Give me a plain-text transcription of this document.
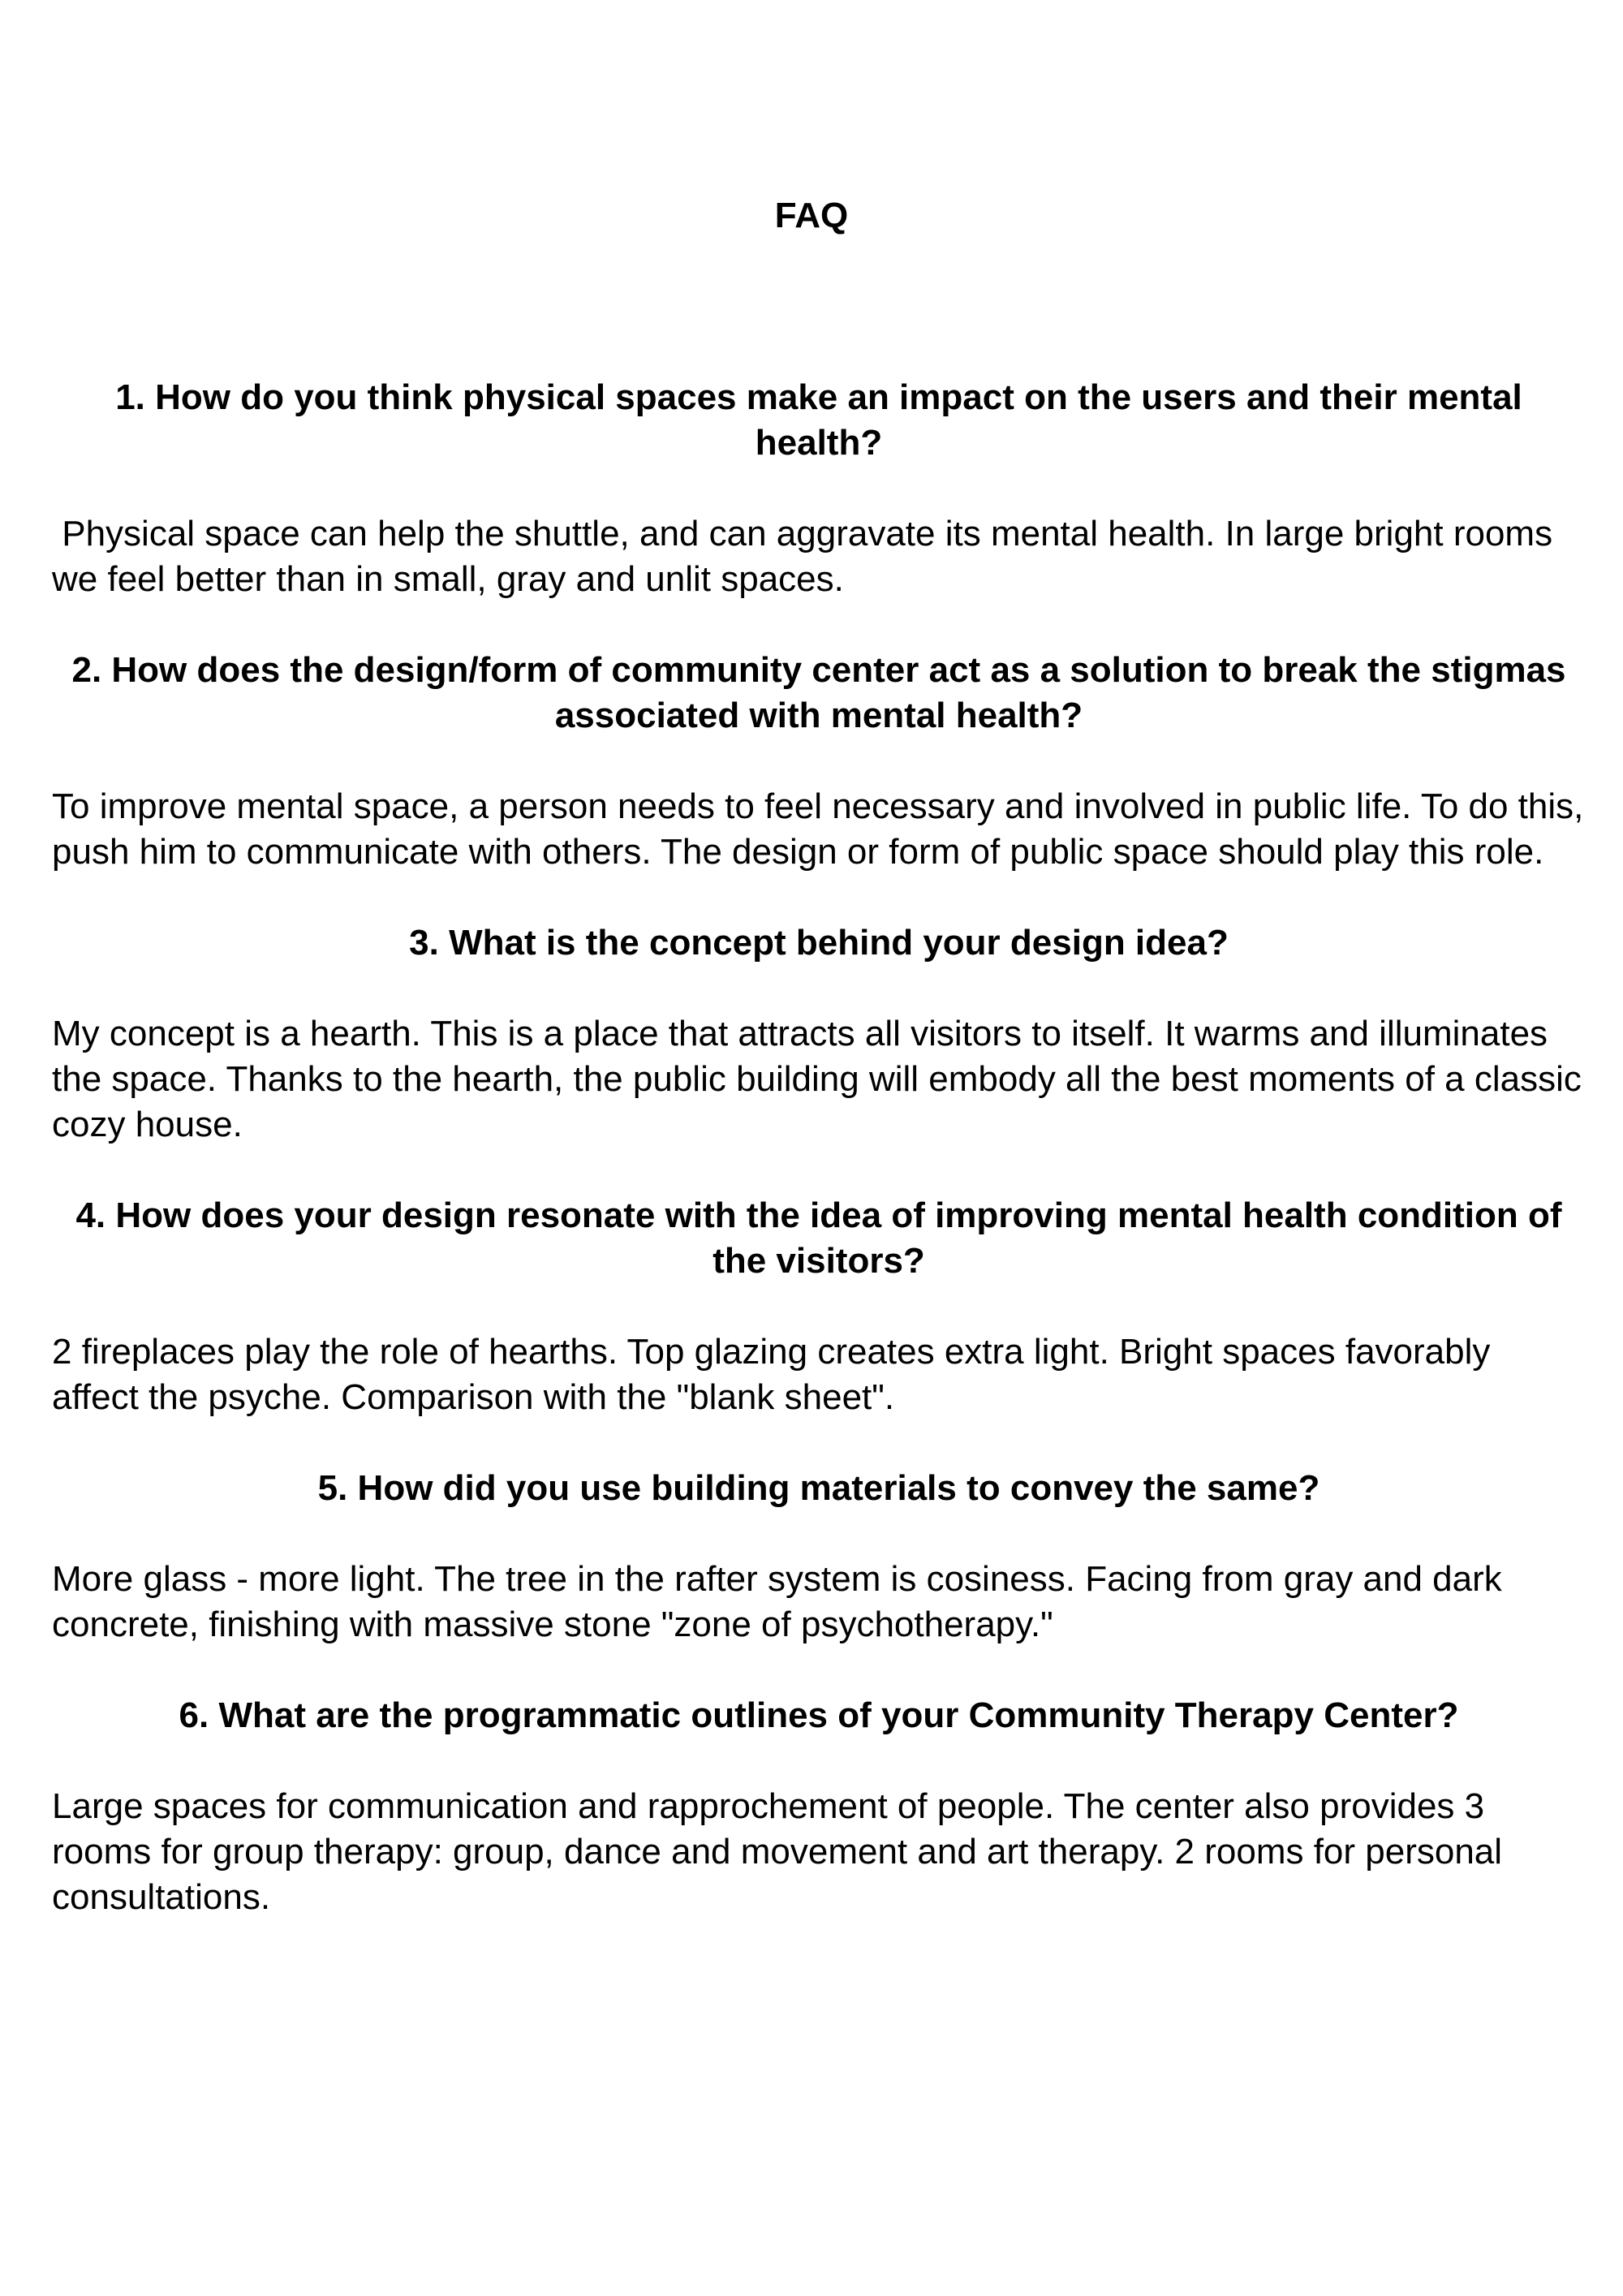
FAQ

1. How do you think physical spaces make an impact on the users and their mental health?

Physical space can help the shuttle, and can aggravate its mental health. In large bright rooms we feel better than in small, gray and unlit spaces.

2. How does the design/form of community center act as a solution to break the stigmas associated with mental health?

To improve mental space, a person needs to feel necessary and involved in public life. To do this, push him to communicate with others. The design or form of public space should play this role.

3. What is the concept behind your design idea?

My concept is a hearth. This is a place that attracts all visitors to itself. It warms and illuminates the space. Thanks to the hearth, the public building will embody all the best moments of a classic cozy house.

4. How does your design resonate with the idea of improving mental health condition of the visitors?

2 fireplaces play the role of hearths. Top glazing creates extra light. Bright spaces favorably affect the psyche. Comparison with the "blank sheet".

5. How did you use building materials to convey the same?

More glass - more light. The tree in the rafter system is cosiness. Facing from gray and dark concrete, finishing with massive stone "zone of psychotherapy."

6. What are the programmatic outlines of your Community Therapy Center?

Large spaces for communication and rapprochement of people. The center also provides 3 rooms for group therapy: group, dance and movement and art therapy. 2 rooms for personal consultations.
